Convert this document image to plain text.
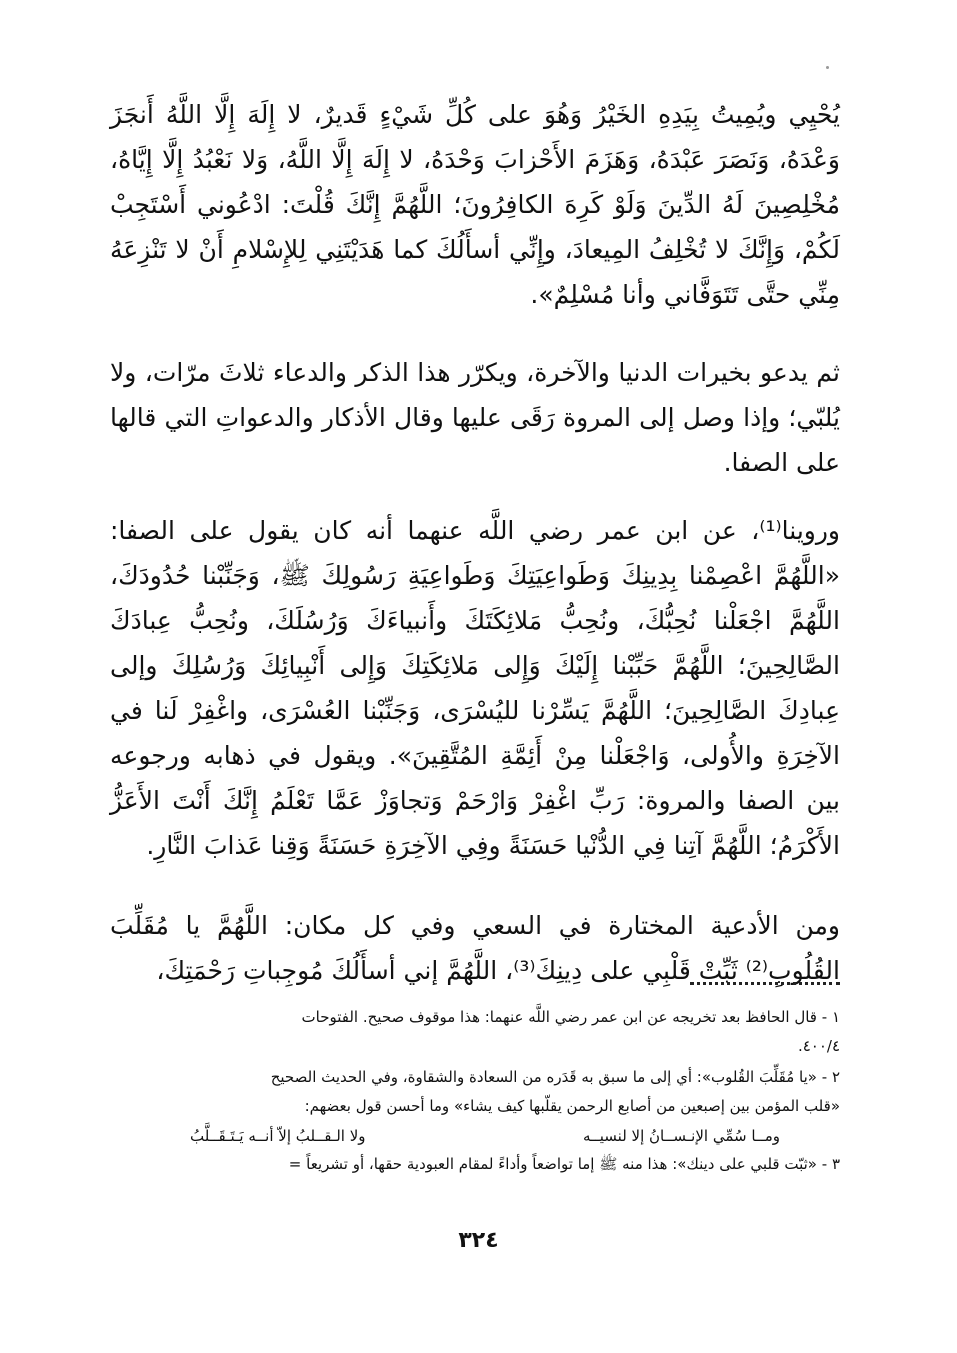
يُحْيِي ويُمِيتُ بِيَدِهِ الخَيْرُ وَهُوَ على كُلِّ شَيْءٍ قَديرٌ، لا إِلَهَ إِلَّا اللَّهُ أَنجَزَ وَعْدَهُ، وَنَصَرَ عَبْدَهُ، وَهَزَمَ الأَحْزابَ وَحْدَهُ، لا إِلَهَ إِلَّا اللَّهُ، وَلا نَعْبُدُ إِلَّا إِيَّاهُ، مُخْلِصِينَ لَهُ الدِّينَ وَلَوْ كَرِهَ الكافِرُونَ؛ اللَّهُمَّ إِنَّكَ قُلْتَ: ادْعُوني أَسْتَجِبْ لَكُمْ، وَإِنَّكَ لا تُخْلِفُ المِيعادَ، وإِنِّي أسأَلُكَ كما هَدَيْتَنِي لِلإِسْلامِ أَنْ لا تَنْزِعَهُ مِنِّي حتَّى تَتَوَفَّاني وأنا مُسْلِمٌ».

ثم يدعو بخيرات الدنيا والآخرة، ويكرّر هذا الذكر والدعاء ثلاثَ مرّات، ولا يُلبّي؛ وإذا وصل إلى المروة رَقَى عليها وقال الأذكار والدعواتِ التي قالها على الصفا.

وروينا⁽¹⁾، عن ابن عمر رضي اللَّه عنهما أنه كان يقول على الصفا: «اللَّهُمَّ اعْصِمْنا بِدِينِكَ وَطَواعِيَتِكَ وَطَواعِيَةِ رَسُولِكَ ﷺ، وَجَنِّبْنا حُدُودَكَ، اللَّهُمَّ اجْعَلْنا نُحِبُّكَ، ونُحِبُّ مَلائِكَتَكَ وأَنبياءَكَ وَرُسُلَكَ، ونُحِبُّ عِبادَكَ الصَّالِحِينَ؛ اللَّهُمَّ حَبِّبْنا إِلَيْكَ وَإِلى مَلائِكَتِكَ وَإِلى أَنْبِيائِكَ وَرُسُلِكَ وإلى عِبادِكَ الصَّالِحِينَ؛ اللَّهُمَّ يَسِّرْنا لليُسْرَى، وَجَنِّبْنا العُسْرَى، واغْفِرْ لَنا في الآخِرَةِ والأُولى، وَاجْعَلْنا مِنْ أَئِمَّةِ المُتَّقِينَ». ويقول في ذهابه ورجوعه بين الصفا والمروة: رَبِّ اغْفِرْ وَارْحَمْ وَتجاوَزْ عَمَّا تَعْلَمُ إِنَّكَ أَنْتَ الأَعَزُّ الأَكْرَمُ؛ اللَّهُمَّ آتِنا فِي الدُّنْيا حَسَنَةً وفِي الآخِرَةِ حَسَنَةً وَقِنا عَذابَ النَّارِ.

ومن الأدعية المختارة في السعي وفي كل مكان: اللَّهُمَّ يا مُقَلِّبَ القُلُوبِ⁽²⁾ ثَبِّتْ قَلْبِي على دِينِكَ⁽³⁾، اللَّهُمَّ إني أسأَلُكَ مُوجِباتِ رَحْمَتِكَ،

١ - قال الحافظ بعد تخريجه عن ابن عمر رضي اللَّه عنهما: هذا موقوف صحيح. الفتوحات
٤٠٠/٤.

٢ - «يا مُقَلِّبَ القُلوب»: أي إلى ما سبق به قَدَره من السعادة والشقاوة، وفي الحديث الصحيح
«قلب المؤمن بين إصبعين من أصابع الرحمن يقلّبها كيف يشاء» وما أحسن قول بعضهم:

ومــا سُمِّي الإنـســانُ إلا لنسيــه
ولا الـقــلبُ إلاّ أنــه يَـتَـقَــلَّبُ

٣ - «ثبّت قلبي على دينك»: هذا منه ﷺ إما تواضعاً وأداءً لمقام العبودية حقها، أو تشريعاً =

٣٢٤
